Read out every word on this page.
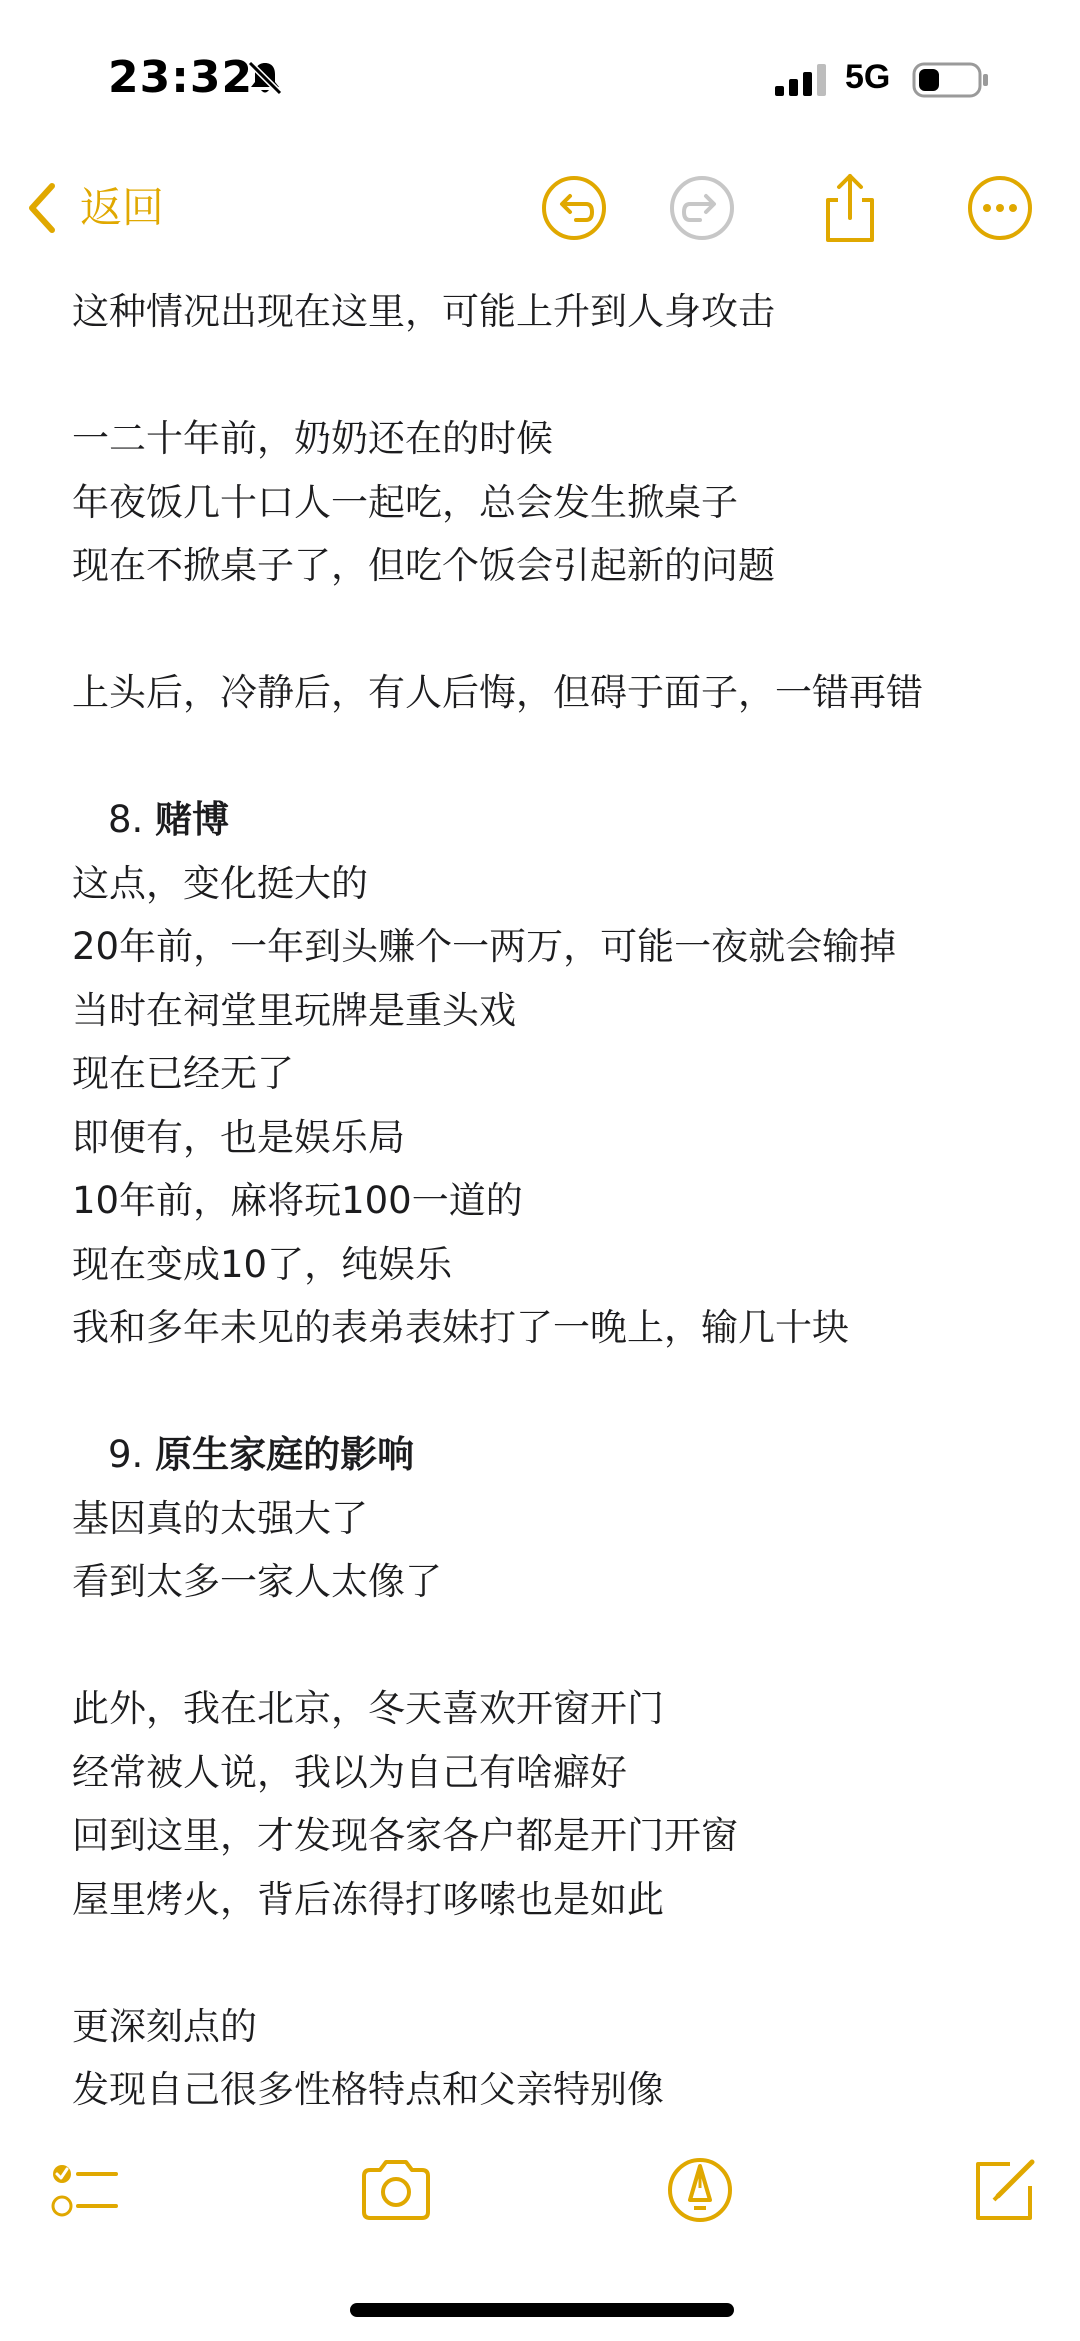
23:32	5G
返回
这种情况出现在这里，可能上升到人身攻击
一二十年前，奶奶还在的时候
年夜饭几十口人一起吃，总会发生掀桌子
现在不掀桌子了，但吃个饭会引起新的问题
上头后，冷静后，有人后悔，但碍于面子，一错再错
8. 赌博
这点，变化挺大的
20年前，一年到头赚个一两万，可能一夜就会输掉
当时在祠堂里玩牌是重头戏
现在已经无了
即便有，也是娱乐局
10年前，麻将玩100一道的
现在变成10了，纯娱乐
我和多年未见的表弟表妹打了一晚上，输几十块
9. 原生家庭的影响
基因真的太强大了
看到太多一家人太像了
此外，我在北京，冬天喜欢开窗开门
经常被人说，我以为自己有啥癖好
回到这里，才发现各家各户都是开门开窗
屋里烤火，背后冻得打哆嗦也是如此
更深刻点的
发现自己很多性格特点和父亲特别像
